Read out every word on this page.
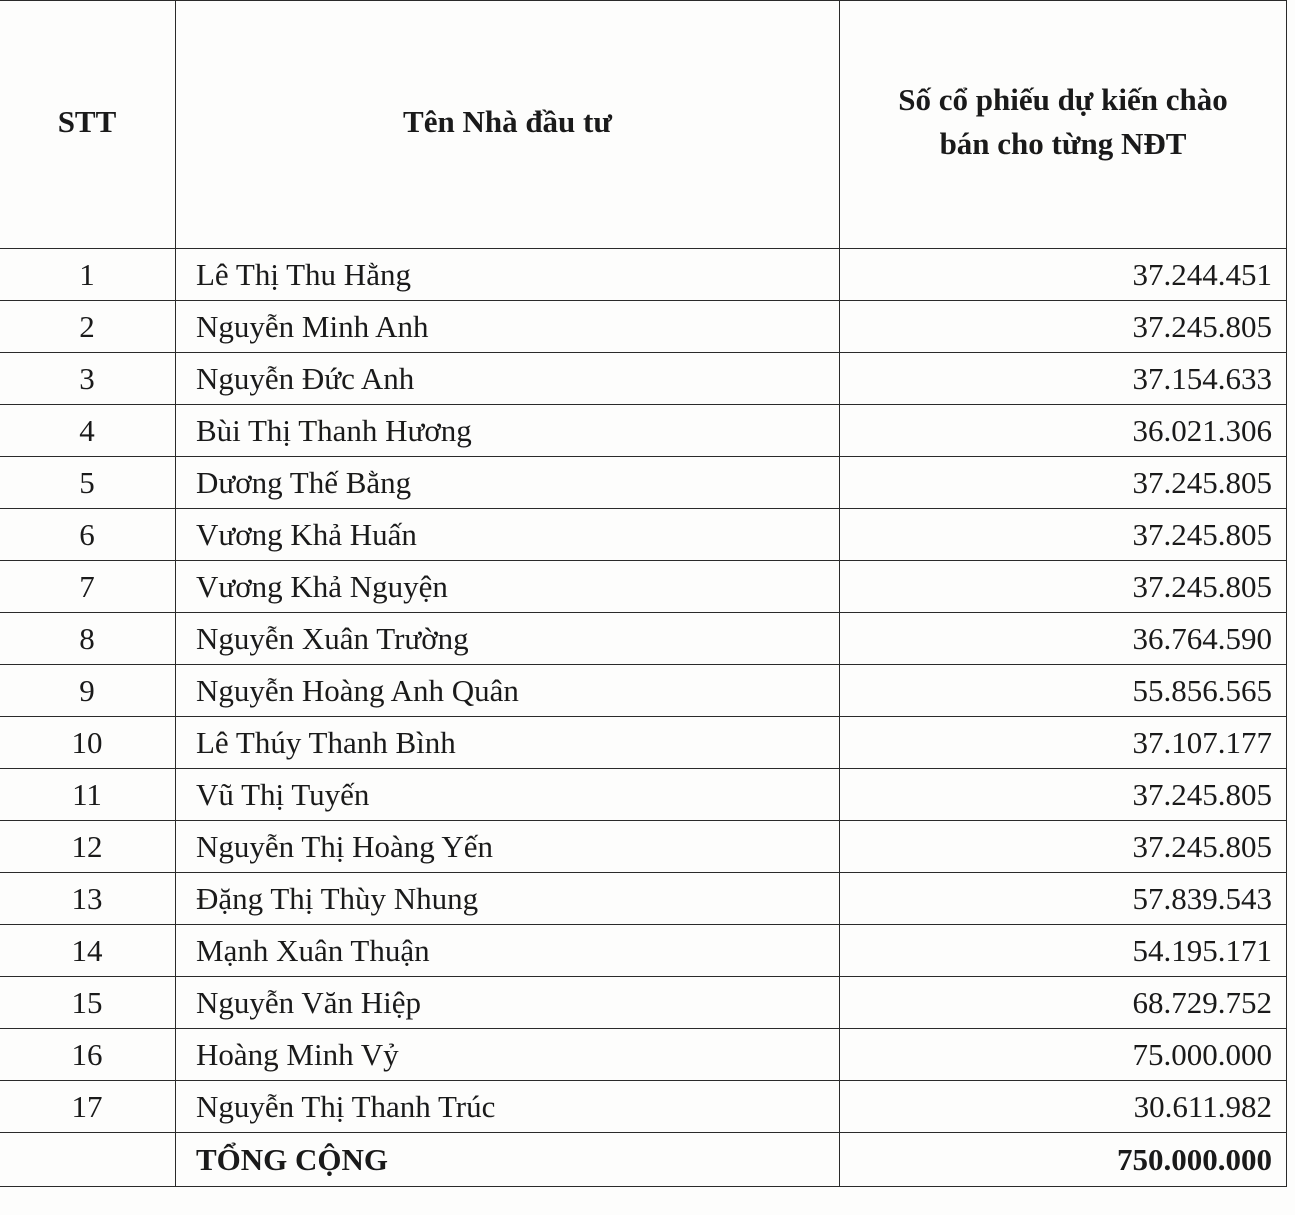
STT	Tên Nhà đầu tư	Số cổ phiếu dự kiến chào
bán cho từng NĐT
1	Lê Thị Thu Hằng	37.244.451
2	Nguyễn Minh Anh	37.245.805
3	Nguyễn Đức Anh	37.154.633
4	Bùi Thị Thanh Hương	36.021.306
5	Dương Thế Bằng	37.245.805
6	Vương Khả Huấn	37.245.805
7	Vương Khả Nguyện	37.245.805
8	Nguyễn Xuân Trường	36.764.590
9	Nguyễn Hoàng Anh Quân	55.856.565
10	Lê Thúy Thanh Bình	37.107.177
11	Vũ Thị Tuyến	37.245.805
12	Nguyễn Thị Hoàng Yến	37.245.805
13	Đặng Thị Thùy Nhung	57.839.543
14	Mạnh Xuân Thuận	54.195.171
15	Nguyễn Văn Hiệp	68.729.752
16	Hoàng Minh Vỷ	75.000.000
17	Nguyễn Thị Thanh Trúc	30.611.982
	TỔNG CỘNG	750.000.000
